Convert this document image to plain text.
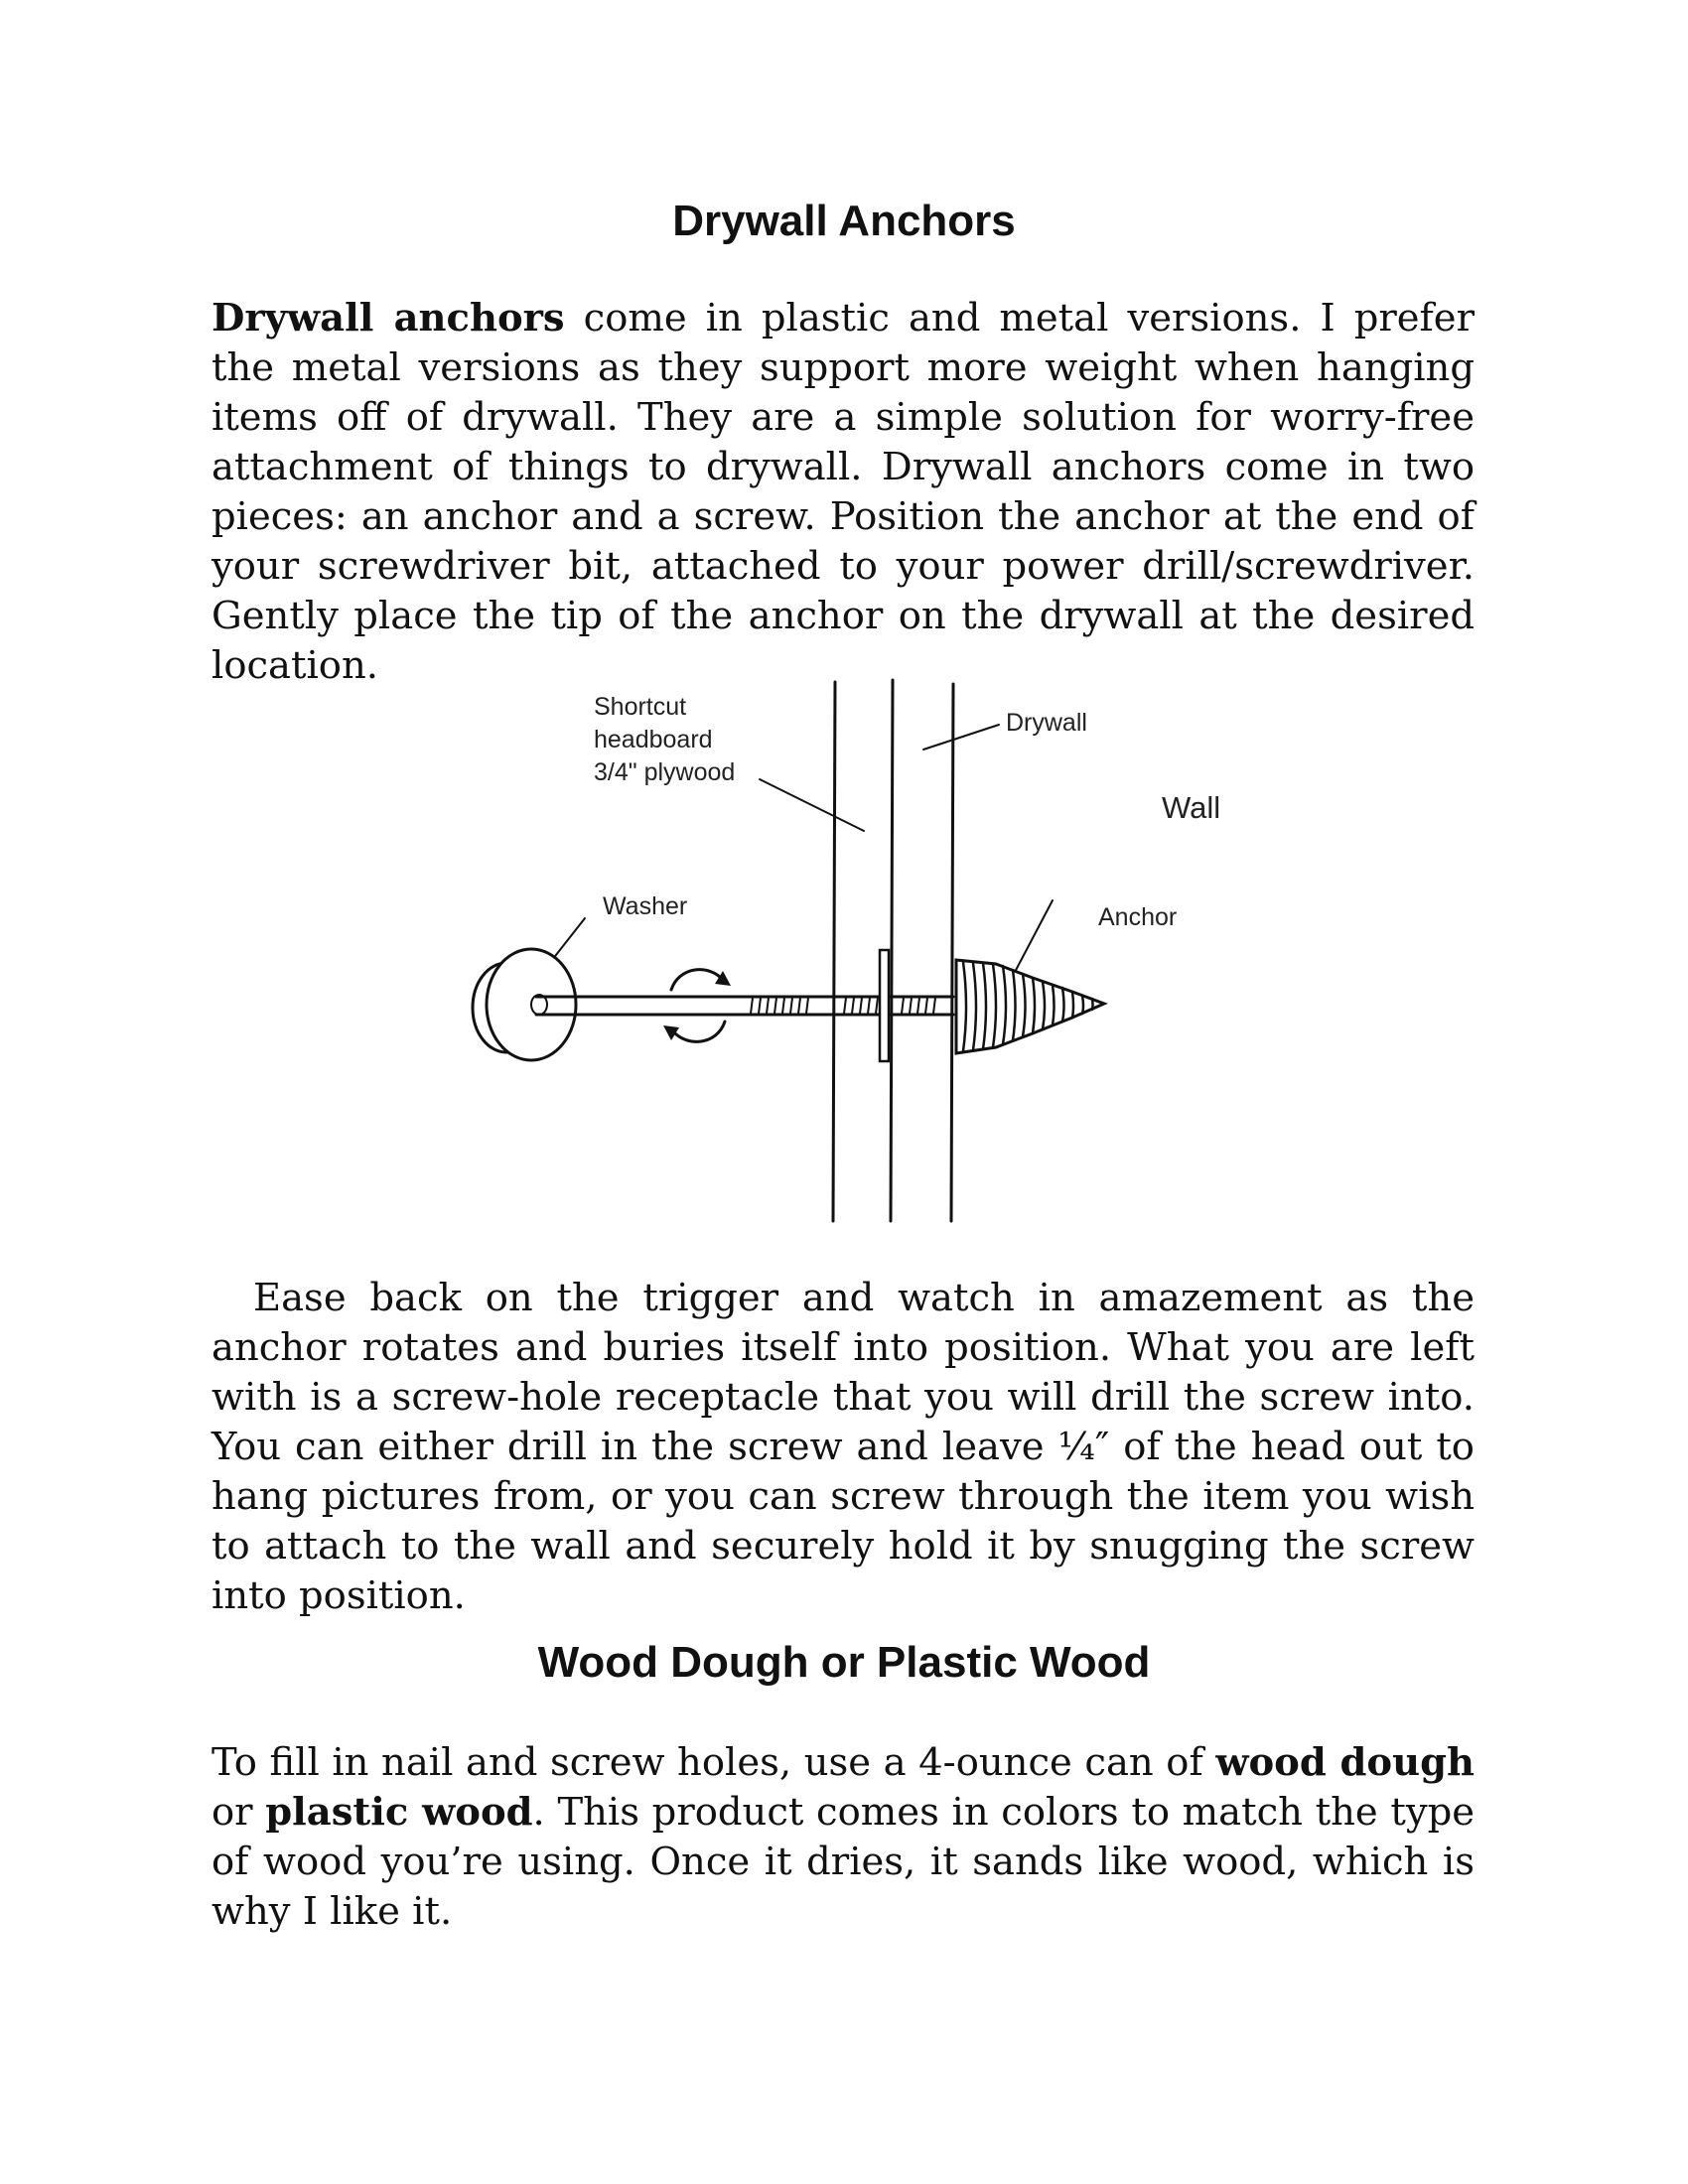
Drywall Anchors

Drywall anchors come in plastic and metal versions. I prefer the metal versions as they support more weight when hanging items off of drywall. They are a simple solution for worry-free attachment of things to drywall. Drywall anchors come in two pieces: an anchor and a screw. Position the anchor at the end of your screwdriver bit, attached to your power drill/screwdriver. Gently place the tip of the anchor on the drywall at the desired location.

Shortcut
headboard
3/4" plywood
Drywall
Wall
Washer	Anchor

Ease back on the trigger and watch in amazement as the anchor rotates and buries itself into position. What you are left with is a screw-hole receptacle that you will drill the screw into. You can either drill in the screw and leave ¼″ of the head out to hang pictures from, or you can screw through the item you wish to attach to the wall and securely hold it by snugging the screw into position.

Wood Dough or Plastic Wood

To fill in nail and screw holes, use a 4-ounce can of wood dough or plastic wood. This product comes in colors to match the type of wood you’re using. Once it dries, it sands like wood, which is why I like it.
